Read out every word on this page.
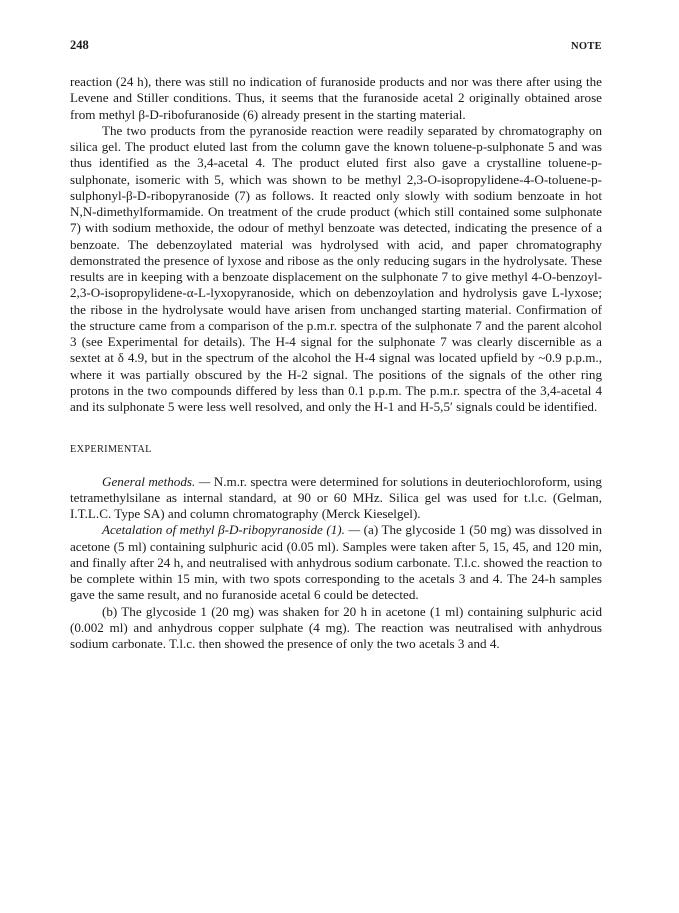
248	NOTE

reaction (24 h), there was still no indication of furanoside products and nor was there after using the Levene and Stiller conditions. Thus, it seems that the furanoside acetal 2 originally obtained arose from methyl β-D-ribofuranoside (6) already present in the starting material.

The two products from the pyranoside reaction were readily separated by chromatography on silica gel. The product eluted last from the column gave the known toluene-p-sulphonate 5 and was thus identified as the 3,4-acetal 4. The product eluted first also gave a crystalline toluene-p-sulphonate, isomeric with 5, which was shown to be methyl 2,3-O-isopropylidene-4-O-toluene-p-sulphonyl-β-D-ribopyranoside (7) as follows. It reacted only slowly with sodium benzoate in hot N,N-dimethylformamide. On treatment of the crude product (which still contained some sulphonate 7) with sodium methoxide, the odour of methyl benzoate was detected, indicating the presence of a benzoate. The debenzoylated material was hydrolysed with acid, and paper chromatography demonstrated the presence of lyxose and ribose as the only reducing sugars in the hydrolysate. These results are in keeping with a benzoate displacement on the sulphonate 7 to give methyl 4-O-benzoyl-2,3-O-isopropylidene-α-L-lyxopyranoside, which on debenzoylation and hydrolysis gave L-lyxose; the ribose in the hydrolysate would have arisen from unchanged starting material. Confirmation of the structure came from a comparison of the p.m.r. spectra of the sulphonate 7 and the parent alcohol 3 (see Experimental for details). The H-4 signal for the sulphonate 7 was clearly discernible as a sextet at δ 4.9, but in the spectrum of the alcohol the H-4 signal was located upfield by ~0.9 p.p.m., where it was partially obscured by the H-2 signal. The positions of the signals of the other ring protons in the two compounds differed by less than 0.1 p.p.m. The p.m.r. spectra of the 3,4-acetal 4 and its sulphonate 5 were less well resolved, and only the H-1 and H-5,5′ signals could be identified.

EXPERIMENTAL

General methods. — N.m.r. spectra were determined for solutions in deuteriochloroform, using tetramethylsilane as internal standard, at 90 or 60 MHz. Silica gel was used for t.l.c. (Gelman, I.T.L.C. Type SA) and column chromatography (Merck Kieselgel).

Acetalation of methyl β-D-ribopyranoside (1). — (a) The glycoside 1 (50 mg) was dissolved in acetone (5 ml) containing sulphuric acid (0.05 ml). Samples were taken after 5, 15, 45, and 120 min, and finally after 24 h, and neutralised with anhydrous sodium carbonate. T.l.c. showed the reaction to be complete within 15 min, with two spots corresponding to the acetals 3 and 4. The 24-h samples gave the same result, and no furanoside acetal 6 could be detected.

(b) The glycoside 1 (20 mg) was shaken for 20 h in acetone (1 ml) containing sulphuric acid (0.002 ml) and anhydrous copper sulphate (4 mg). The reaction was neutralised with anhydrous sodium carbonate. T.l.c. then showed the presence of only the two acetals 3 and 4.
